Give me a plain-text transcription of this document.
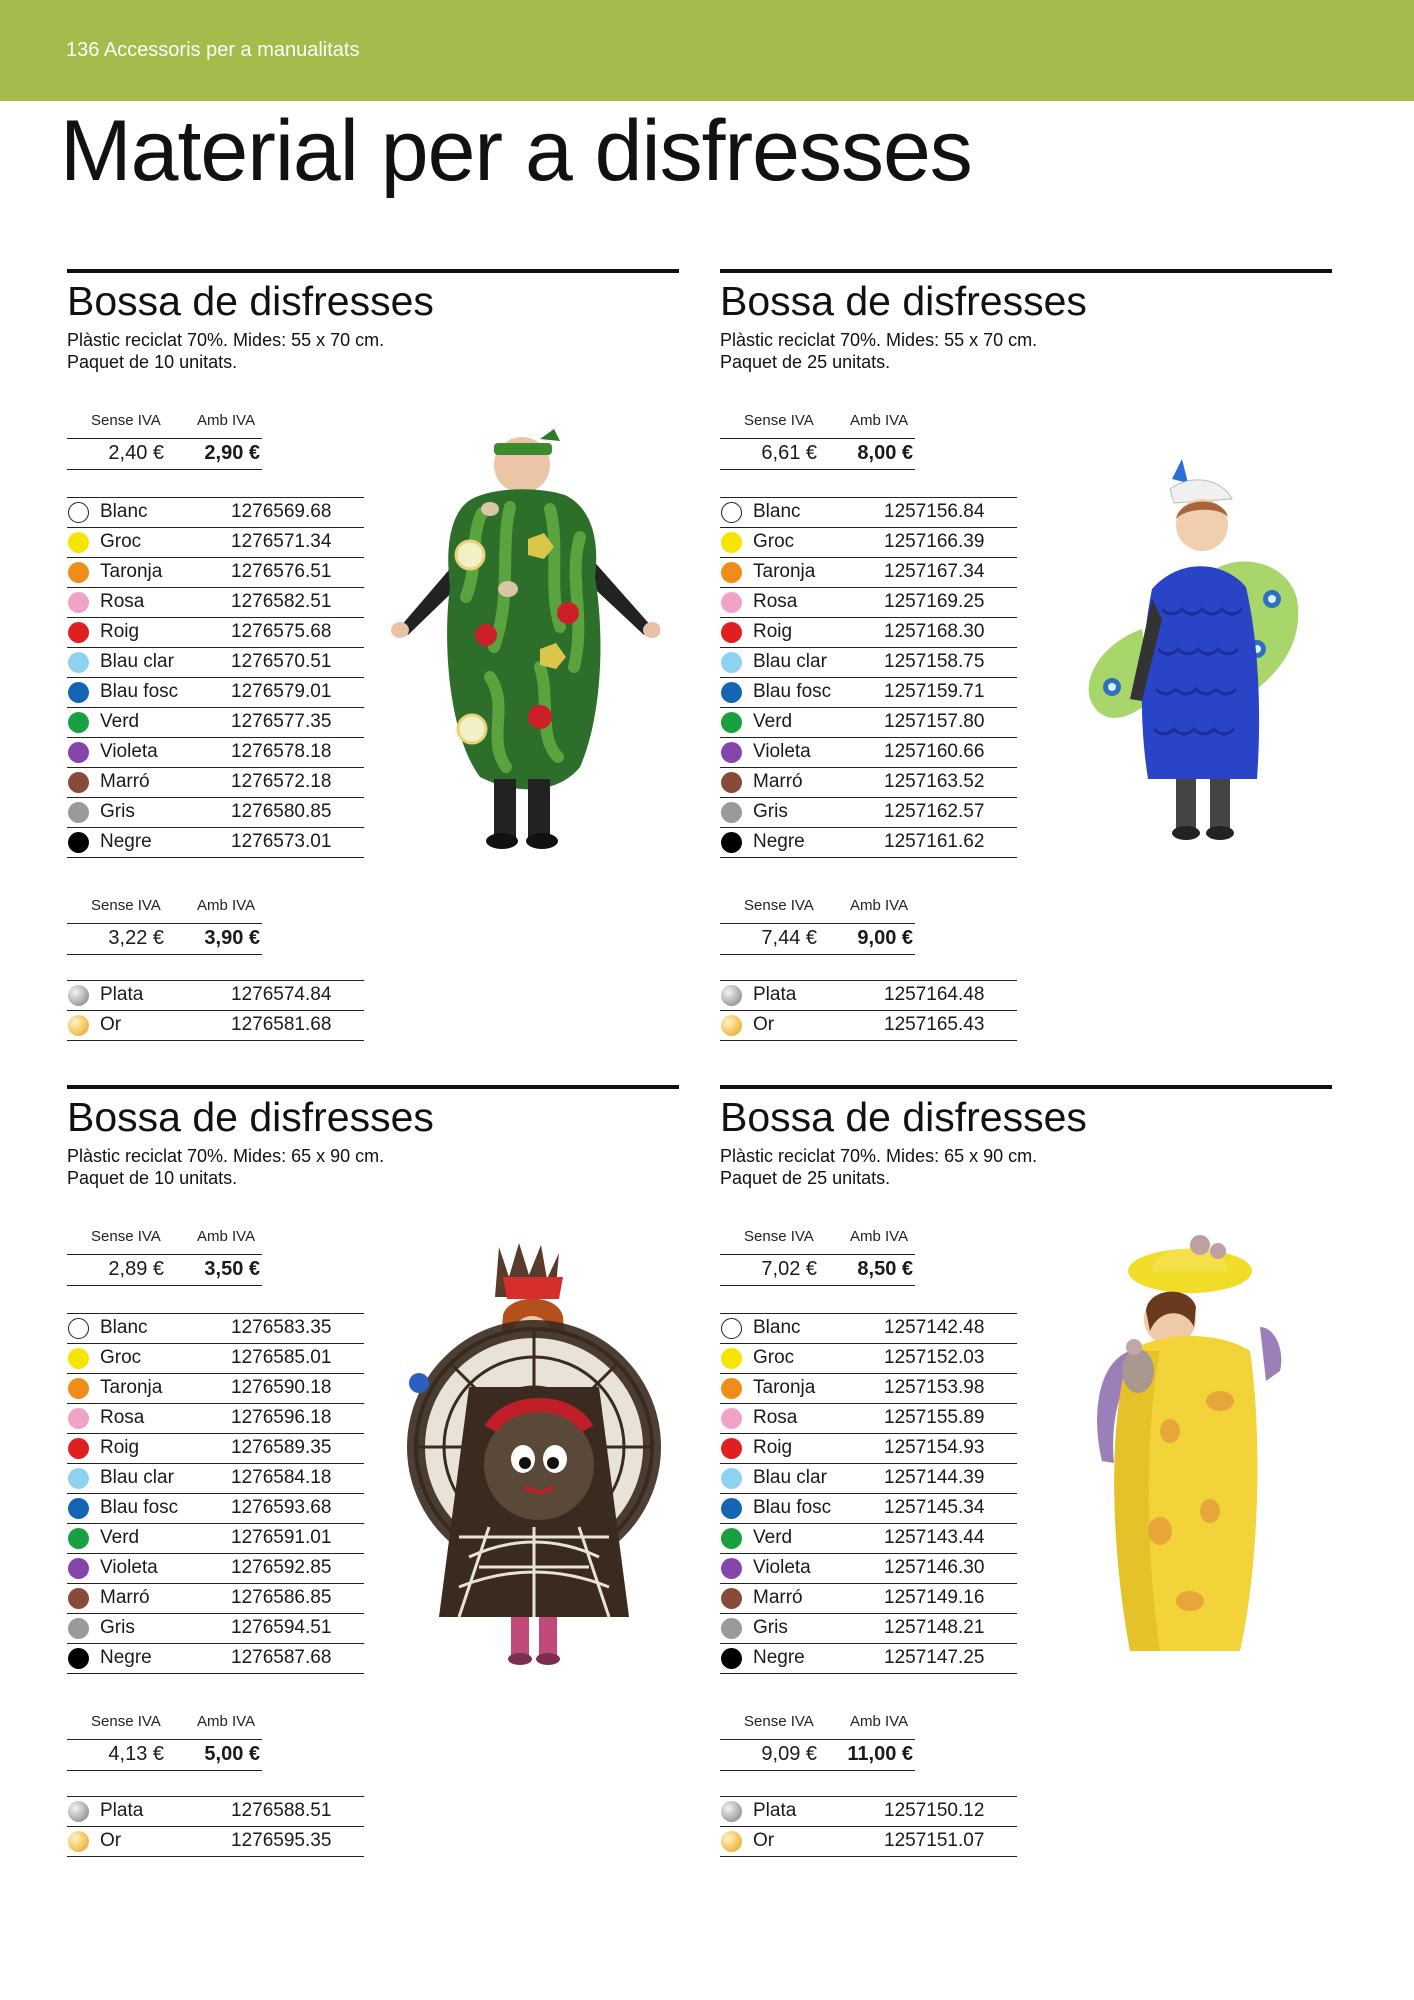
136 Accessoris per a manualitats
Material per a disfresses
Bossa de disfresses
Plàstic reciclat 70%. Mides: 55 x 70 cm.
Paquet de 10 unitats.
Sense IVA Amb IVA
2,40 € 2,90 €
Blanc	1276569.68
Groc	1276571.34
Taronja	1276576.51
Rosa	1276582.51
Roig	1276575.68
Blau clar	1276570.51
Blau fosc	1276579.01
Verd	1276577.35
Violeta	1276578.18
Marró	1276572.18
Gris	1276580.85
Negre	1276573.01
Sense IVA Amb IVA
3,22 € 3,90 €
Plata	1276574.84
Or	1276581.68
Bossa de disfresses
Plàstic reciclat 70%. Mides: 55 x 70 cm.
Paquet de 25 unitats.
Sense IVA Amb IVA
6,61 € 8,00 €
Blanc	1257156.84
Groc	1257166.39
Taronja	1257167.34
Rosa	1257169.25
Roig	1257168.30
Blau clar	1257158.75
Blau fosc	1257159.71
Verd	1257157.80
Violeta	1257160.66
Marró	1257163.52
Gris	1257162.57
Negre	1257161.62
Sense IVA Amb IVA
7,44 € 9,00 €
Plata	1257164.48
Or	1257165.43
Bossa de disfresses
Plàstic reciclat 70%. Mides: 65 x 90 cm.
Paquet de 10 unitats.
Sense IVA Amb IVA
2,89 € 3,50 €
Blanc	1276583.35
Groc	1276585.01
Taronja	1276590.18
Rosa	1276596.18
Roig	1276589.35
Blau clar	1276584.18
Blau fosc	1276593.68
Verd	1276591.01
Violeta	1276592.85
Marró	1276586.85
Gris	1276594.51
Negre	1276587.68
Sense IVA Amb IVA
4,13 € 5,00 €
Plata	1276588.51
Or	1276595.35
Bossa de disfresses
Plàstic reciclat 70%. Mides: 65 x 90 cm.
Paquet de 25 unitats.
Sense IVA Amb IVA
7,02 € 8,50 €
Blanc	1257142.48
Groc	1257152.03
Taronja	1257153.98
Rosa	1257155.89
Roig	1257154.93
Blau clar	1257144.39
Blau fosc	1257145.34
Verd	1257143.44
Violeta	1257146.30
Marró	1257149.16
Gris	1257148.21
Negre	1257147.25
Sense IVA Amb IVA
9,09 € 11,00 €
Plata	1257150.12
Or	1257151.07
